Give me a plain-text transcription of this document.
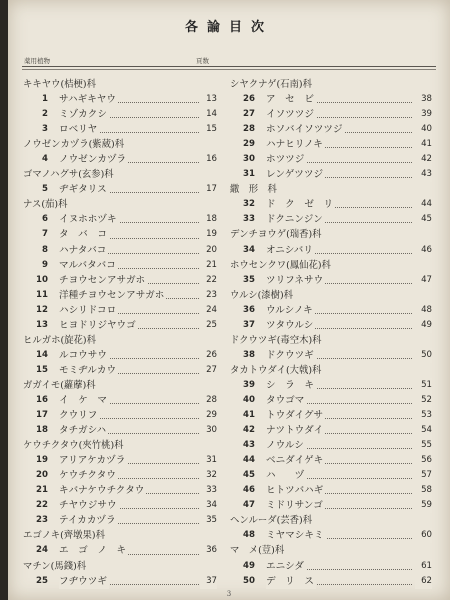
各論目次
薬用植物	頁数
キキヤウ(桔梗)科
1 サハギキヤウ	13
2 ミゾカクシ	14
3 ロベリヤ	15
ノウゼンカヅラ(紫葳)科
4 ノウゼンカヅラ	16
ゴマノハグサ(玄参)科
5 ヂギタリス	17
ナス(茄)科
6 イヌホホヅキ	18
7 タ　バ　コ	19
8 ハナタバコ	20
9 マルバタバコ	21
10 チヨウセンアサガホ	22
11 洋種チヨウセンアサガホ	23
12 ハシリドコロ	24
13 ヒヨドリジヤウゴ	25
ヒルガホ(旋花)科
14 ルコウサウ	26
15 モミヂルカウ	27
ガガイモ(蘿藦)科
16 イ　ケ　マ	28
17 クウリフ	29
18 タチガシハ	30
ケウチクタウ(夾竹桃)科
19 アリアケカヅラ	31
20 ケウチクタウ	32
21 キバナケウチクタウ	33
22 チヤウジサウ	34
23 テイカカヅラ	35
エゴノキ(齊墩果)科
24 エ　ゴ　ノ　キ	36
マチン(馬錢)科
25 フヂウツギ	37
シヤクナゲ(石南)科
26 ア　セ　ビ	38
27 イソツツジ	39
28 ホソバイソツツジ	40
29 ハナヒリノキ	41
30 ホツツジ	42
31 レンゲツツジ	43
繖　形　科
32 ド　ク　ゼ　リ	44
33 ドクニンジン	45
デンチヨウゲ(瑞香)科
34 オニシバリ	46
ホウセンクワ(鳳仙花)科
35 ツリフネサウ	47
ウルシ(漆樹)科
36 ウルシノキ	48
37 ツタウルシ	49
ドクウツギ(毒空木)科
38 ドクウツギ	50
タカトウダイ(大戟)科
39 シ　ラ　キ	51
40 タウゴマ	52
41 トウダイグサ	53
42 ナツトウダイ	54
43 ノウルシ	55
44 ベニダイゲキ	56
45 ハ　　ヅ	57
46 ヒトツバハギ	58
47 ミドリサンゴ	59
ヘンルーダ(芸香)科
48 ミヤマシキミ	60
マ　メ(荳)科
49 エニシダ	61
50 デ　リ　ス	62
3
